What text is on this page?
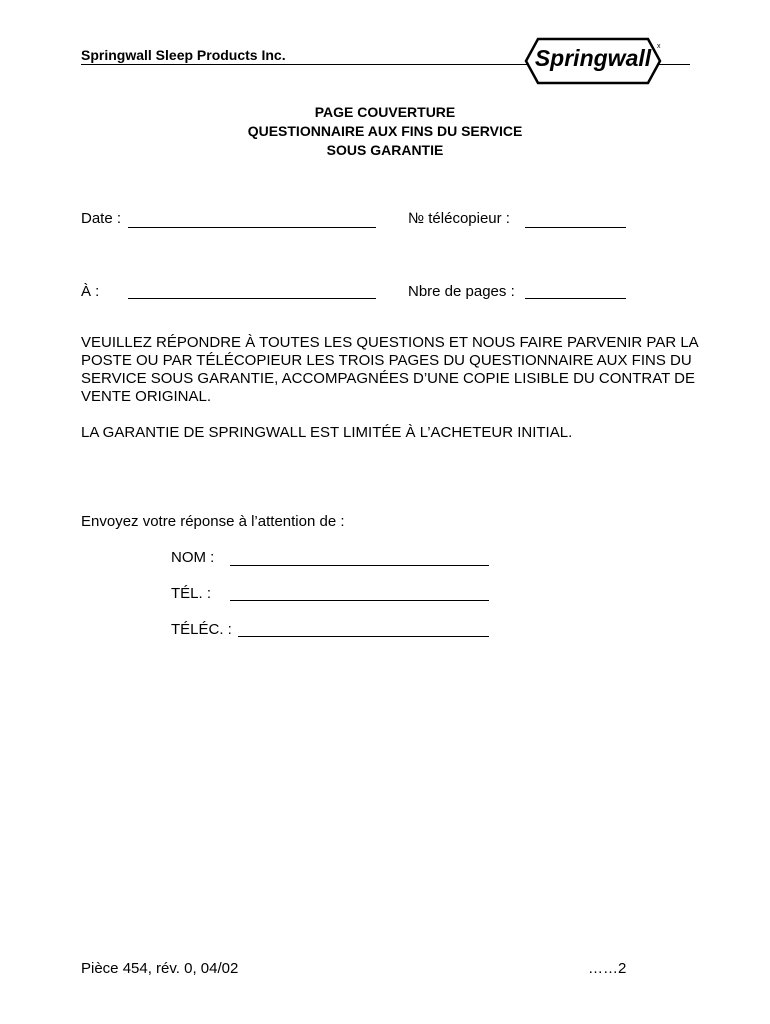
Springwall Sleep Products Inc.	Springwall x
PAGE COUVERTURE
QUESTIONNAIRE AUX FINS DU SERVICE
SOUS GARANTIE
Date :	№ télécopieur :
À :	Nbre de pages :
VEUILLEZ RÉPONDRE À TOUTES LES QUESTIONS ET NOUS FAIRE PARVENIR PAR LA POSTE OU PAR TÉLÉCOPIEUR LES TROIS PAGES DU QUESTIONNAIRE AUX FINS DU SERVICE SOUS GARANTIE, ACCOMPAGNÉES D’UNE COPIE LISIBLE DU CONTRAT DE VENTE ORIGINAL.
LA GARANTIE DE SPRINGWALL EST LIMITÉE À L’ACHETEUR INITIAL.
Envoyez votre réponse à l’attention de :
NOM :
TÉL. :
TÉLÉC. :
Pièce 454, rév. 0, 04/02	……2
